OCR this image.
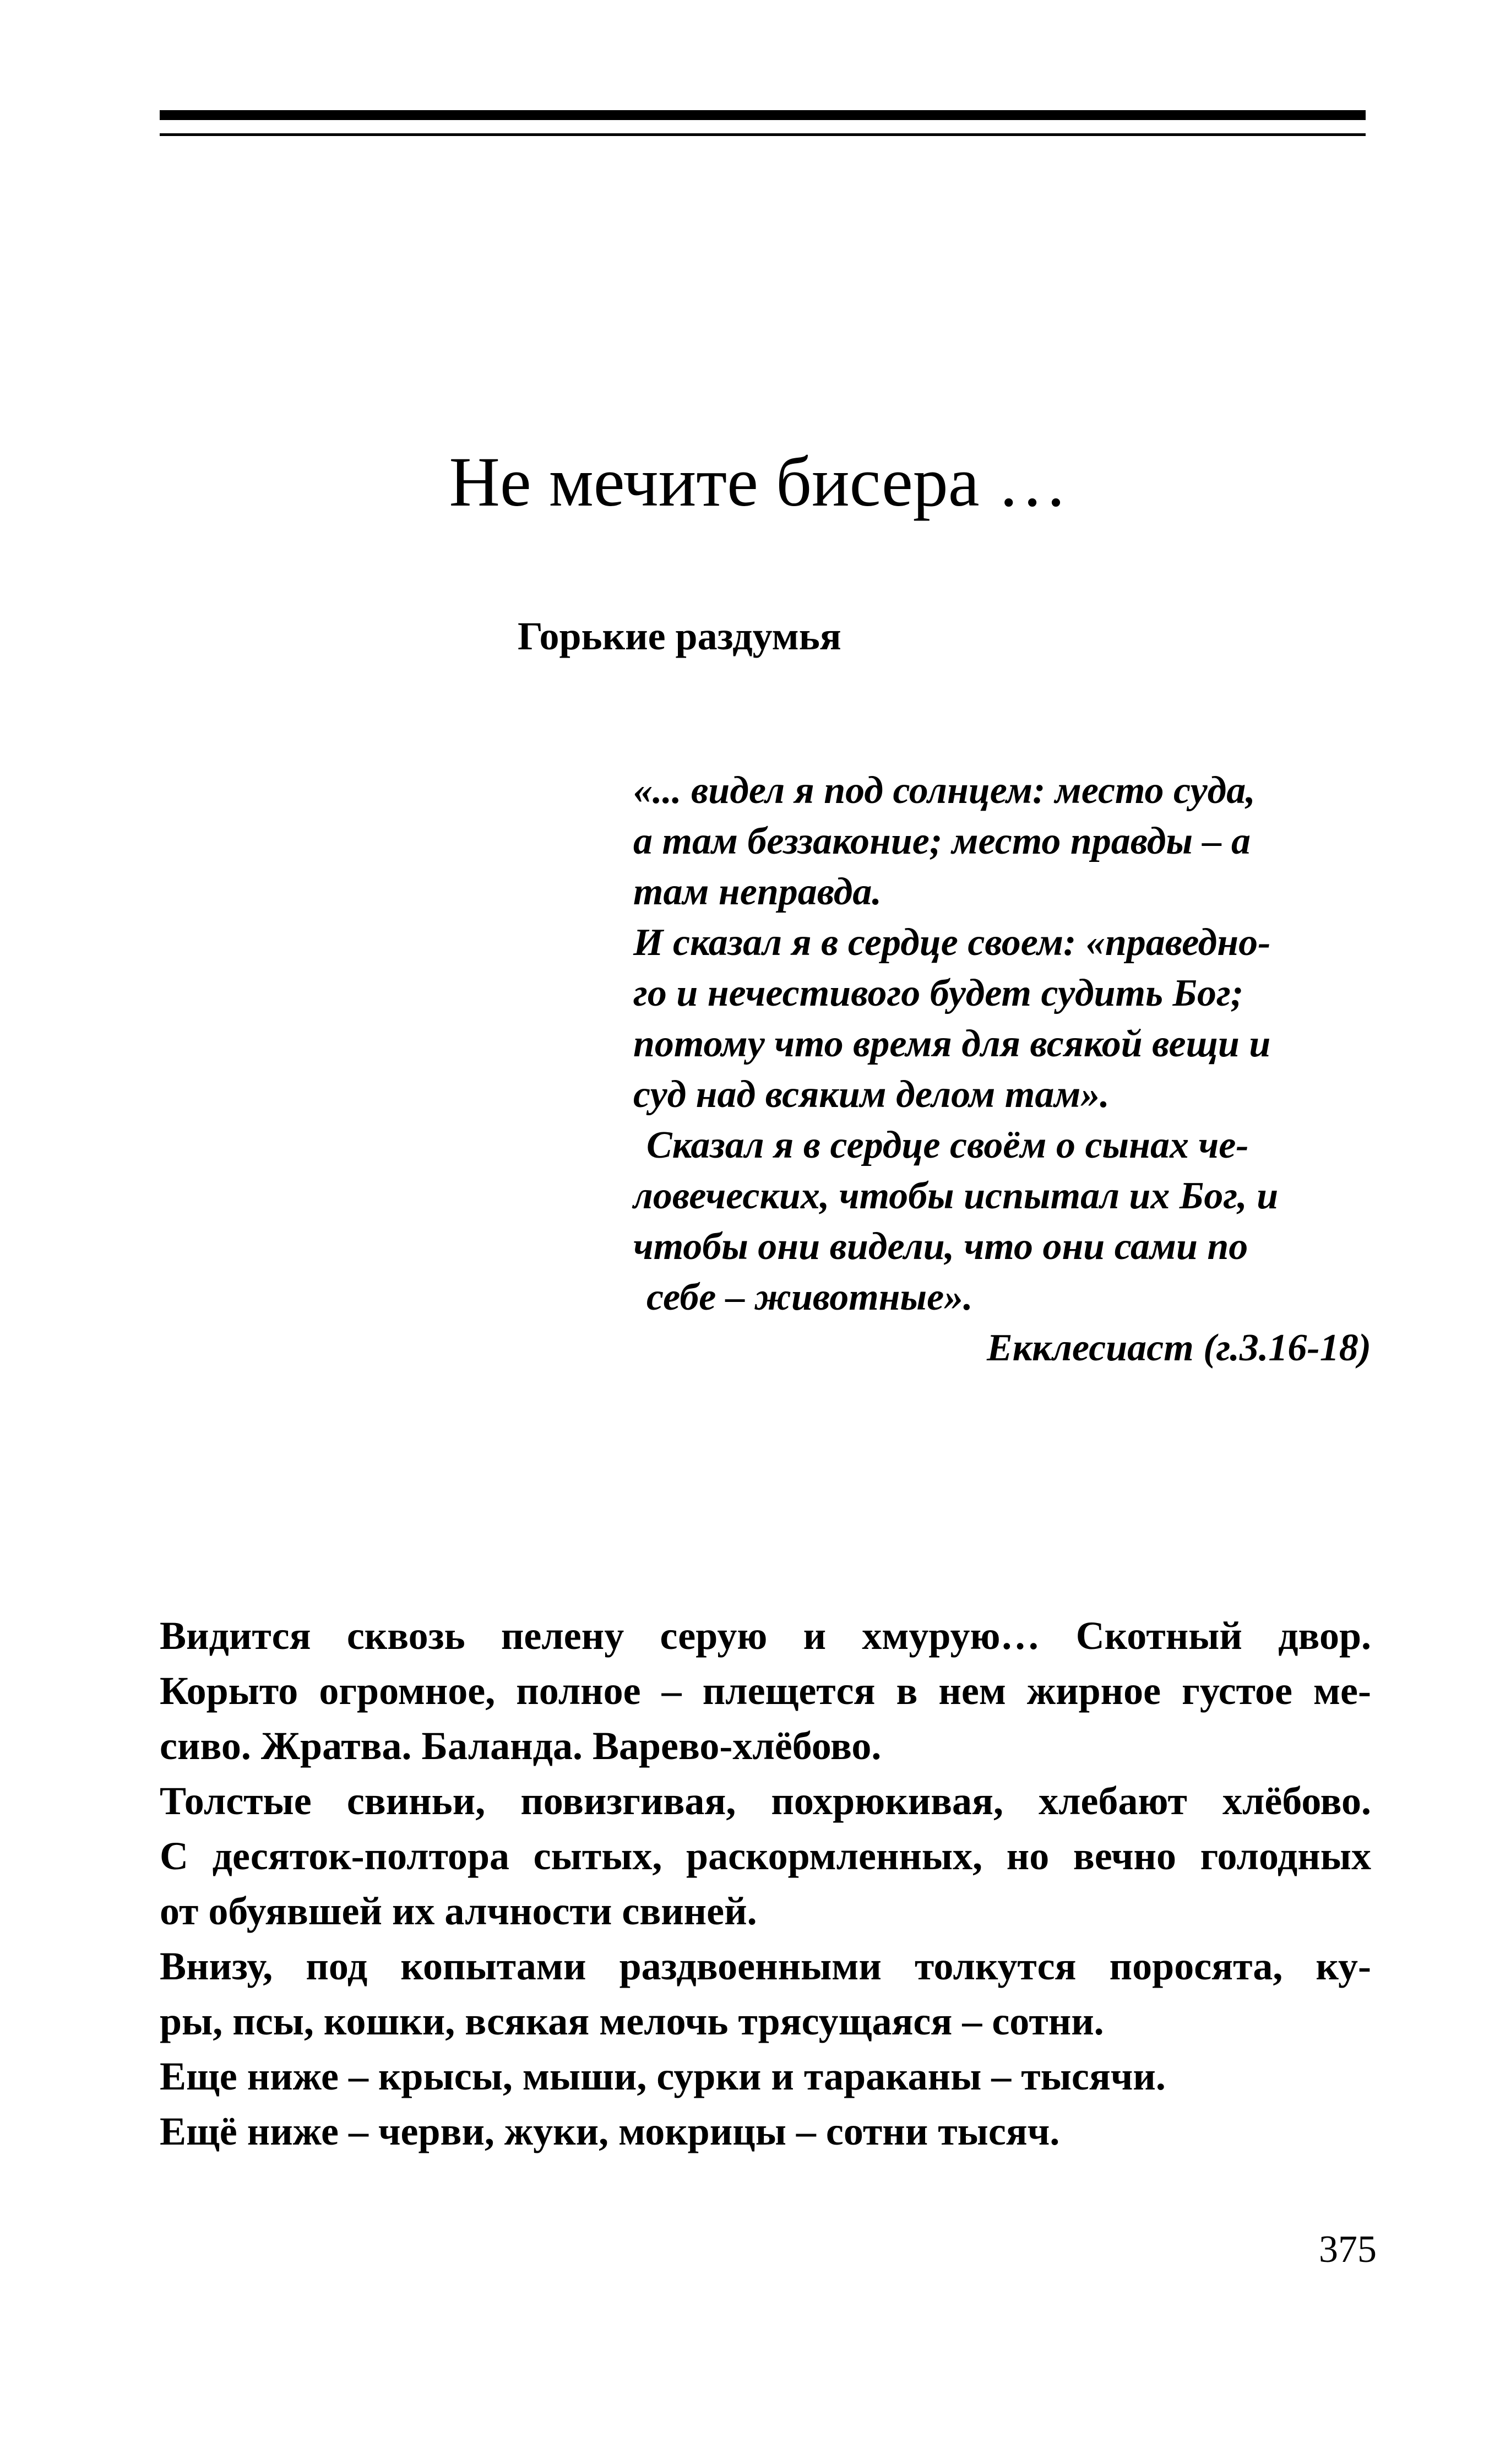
Не мечите бисера …
Горькие раздумья
«... видел я под солнцем: место суда,
а там беззаконие; место правды – а
там неправда.
И сказал я в сердце своем: «праведно-
го и нечестивого будет судить Бог;
потому что время для всякой вещи и
суд над всяким делом там».
Сказал я в сердце своём о сынах че-
ловеческих, чтобы испытал их Бог, и
чтобы они видели, что они сами по
себе – животные».
Екклесиаст (г.3.16-18)
Видится сквозь пелену серую и хмурую… Скотный двор.
Корыто огромное, полное – плещется в нем жирное густое ме-
сиво. Жратва. Баланда. Варево-хлёбово.
Толстые свиньи, повизгивая, похрюкивая, хлебают хлёбово.
С десяток-полтора сытых, раскормленных, но вечно голодных
от обуявшей их алчности свиней.
Внизу, под копытами раздвоенными толкутся поросята, ку-
ры, псы, кошки, всякая мелочь трясущаяся – сотни.
Еще ниже – крысы, мыши, сурки и тараканы – тысячи.
Ещё ниже – черви, жуки, мокрицы – сотни тысяч.
375
